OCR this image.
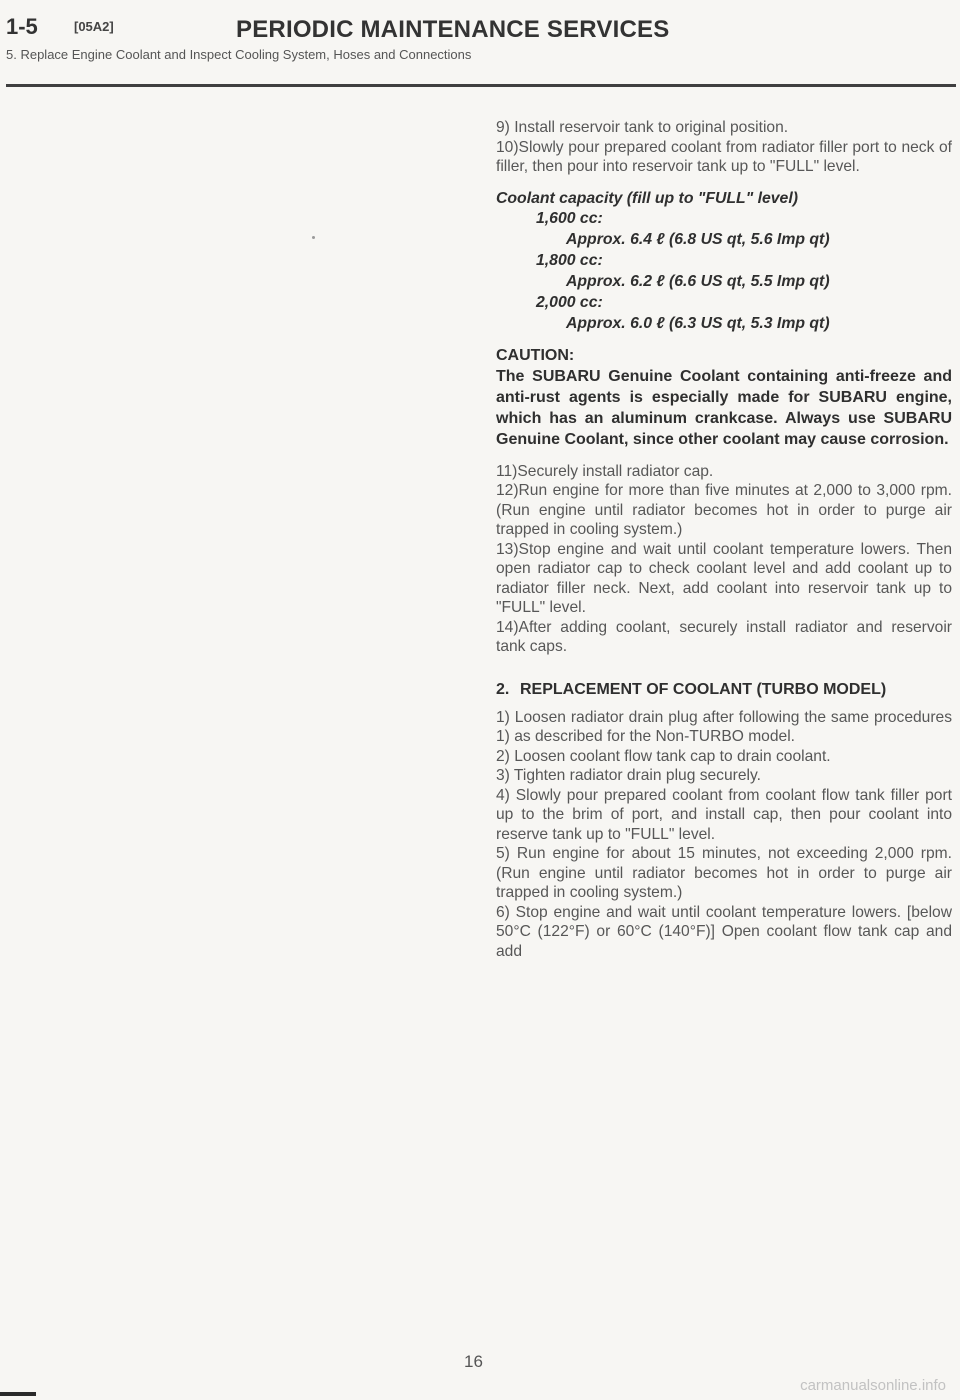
1-5	[05A2]	PERIODIC MAINTENANCE SERVICES
5. Replace Engine Coolant and Inspect Cooling System, Hoses and Connections

9) Install reservoir tank to original position.

10)Slowly pour prepared coolant from radiator filler port to neck of filler, then pour into reservoir tank up to "FULL" level.

Coolant capacity (fill up to "FULL" level)

1,600 cc:

Approx. 6.4 ℓ (6.8 US qt, 5.6 Imp qt)

1,800 cc:

Approx. 6.2 ℓ (6.6 US qt, 5.5 Imp qt)

2,000 cc:

Approx. 6.0 ℓ (6.3 US qt, 5.3 Imp qt)

CAUTION:

The SUBARU Genuine Coolant containing anti-freeze and anti-rust agents is especially made for SUBARU engine, which has an aluminum crankcase. Always use SUBARU Genuine Coolant, since other coolant may cause corrosion.

11)Securely install radiator cap.

12)Run engine for more than five minutes at 2,000 to 3,000 rpm. (Run engine until radiator becomes hot in order to purge air trapped in cooling system.)

13)Stop engine and wait until coolant temperature lowers. Then open radiator cap to check coolant level and add coolant up to radiator filler neck. Next, add coolant into reservoir tank up to "FULL" level.

14)After adding coolant, securely install radiator and reservoir tank caps.

2. REPLACEMENT OF COOLANT (TURBO MODEL)

1) Loosen radiator drain plug after following the same procedures 1) as described for the Non-TURBO model.

2) Loosen coolant flow tank cap to drain coolant.

3) Tighten radiator drain plug securely.

4) Slowly pour prepared coolant from coolant flow tank filler port up to the brim of port, and install cap, then pour coolant into reserve tank up to "FULL" level.

5) Run engine for about 15 minutes, not exceeding 2,000 rpm. (Run engine until radiator becomes hot in order to purge air trapped in cooling system.)

6) Stop engine and wait until coolant temperature lowers. [below 50°C (122°F) or 60°C (140°F)] Open coolant flow tank cap and add

16
carmanualsonline.info
